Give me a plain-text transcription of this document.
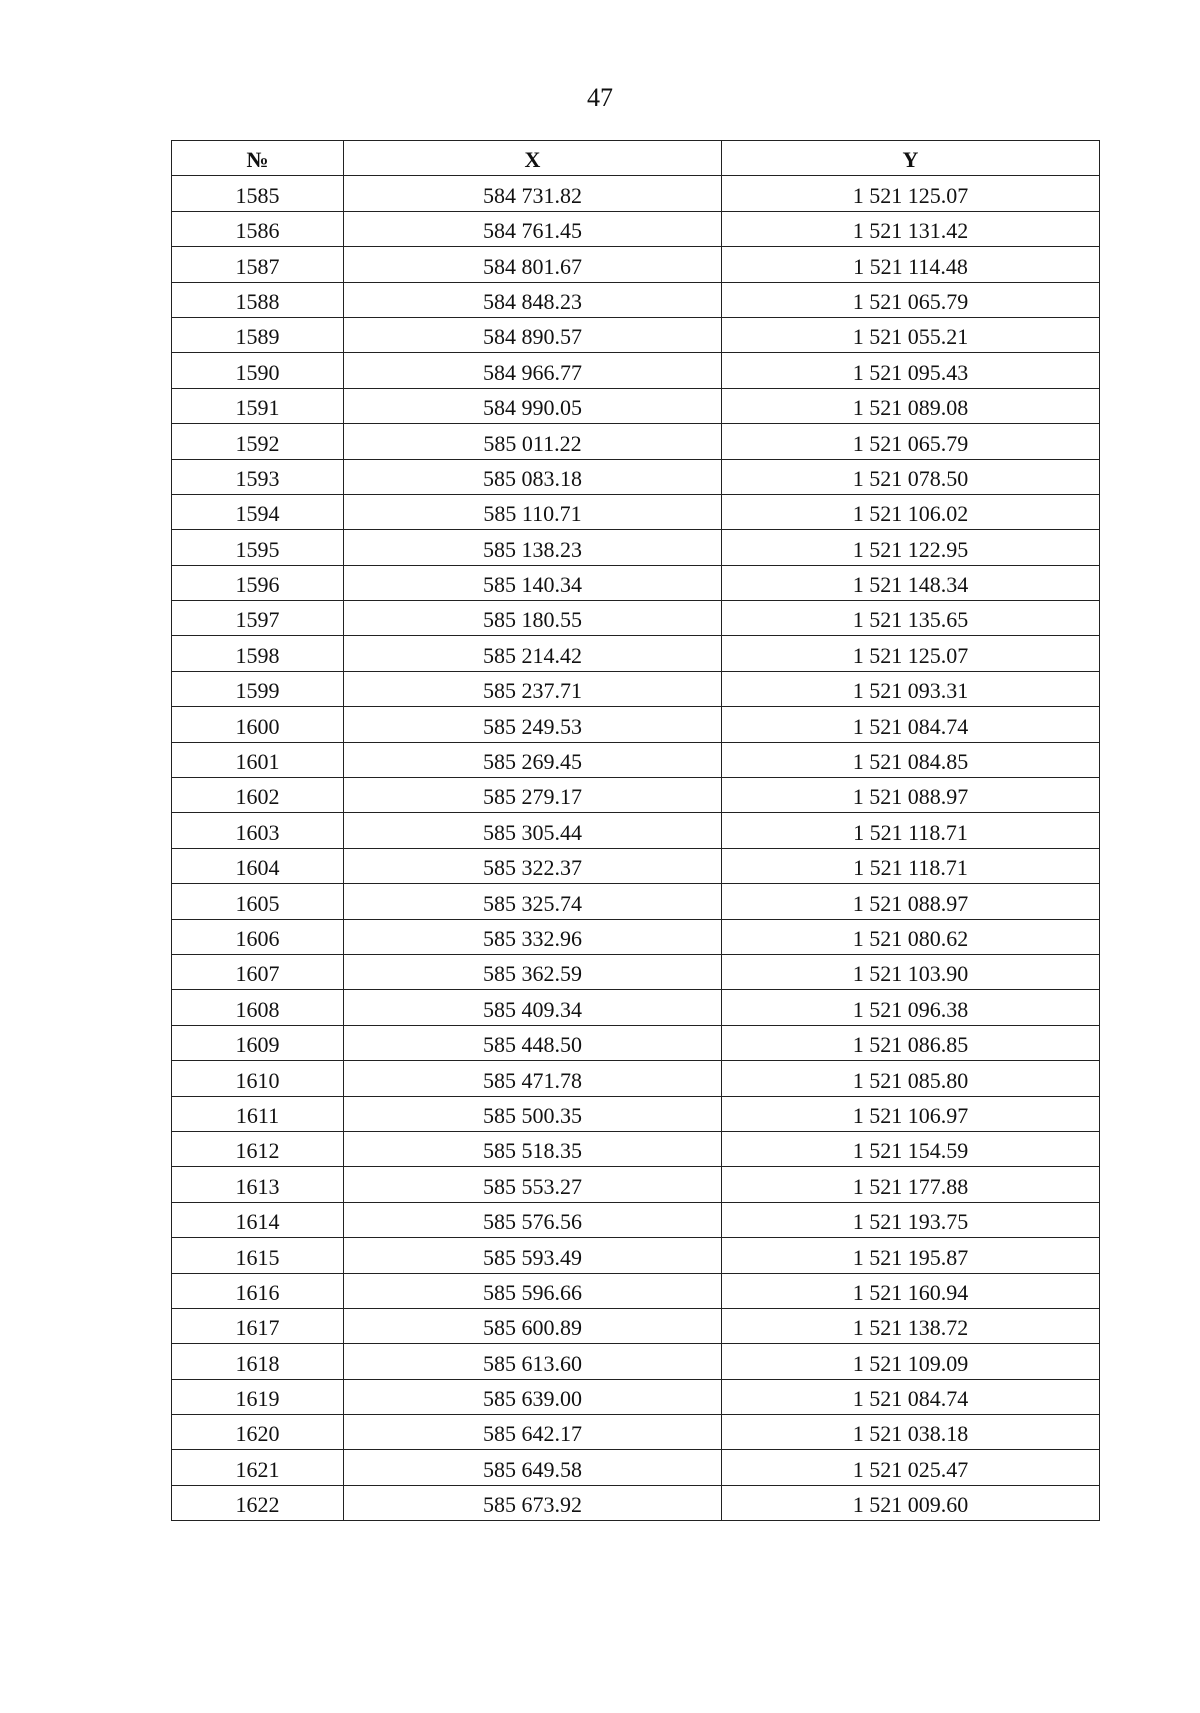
47
№	X	Y
1585	584 731.82	1 521 125.07
1586	584 761.45	1 521 131.42
1587	584 801.67	1 521 114.48
1588	584 848.23	1 521 065.79
1589	584 890.57	1 521 055.21
1590	584 966.77	1 521 095.43
1591	584 990.05	1 521 089.08
1592	585 011.22	1 521 065.79
1593	585 083.18	1 521 078.50
1594	585 110.71	1 521 106.02
1595	585 138.23	1 521 122.95
1596	585 140.34	1 521 148.34
1597	585 180.55	1 521 135.65
1598	585 214.42	1 521 125.07
1599	585 237.71	1 521 093.31
1600	585 249.53	1 521 084.74
1601	585 269.45	1 521 084.85
1602	585 279.17	1 521 088.97
1603	585 305.44	1 521 118.71
1604	585 322.37	1 521 118.71
1605	585 325.74	1 521 088.97
1606	585 332.96	1 521 080.62
1607	585 362.59	1 521 103.90
1608	585 409.34	1 521 096.38
1609	585 448.50	1 521 086.85
1610	585 471.78	1 521 085.80
1611	585 500.35	1 521 106.97
1612	585 518.35	1 521 154.59
1613	585 553.27	1 521 177.88
1614	585 576.56	1 521 193.75
1615	585 593.49	1 521 195.87
1616	585 596.66	1 521 160.94
1617	585 600.89	1 521 138.72
1618	585 613.60	1 521 109.09
1619	585 639.00	1 521 084.74
1620	585 642.17	1 521 038.18
1621	585 649.58	1 521 025.47
1622	585 673.92	1 521 009.60
